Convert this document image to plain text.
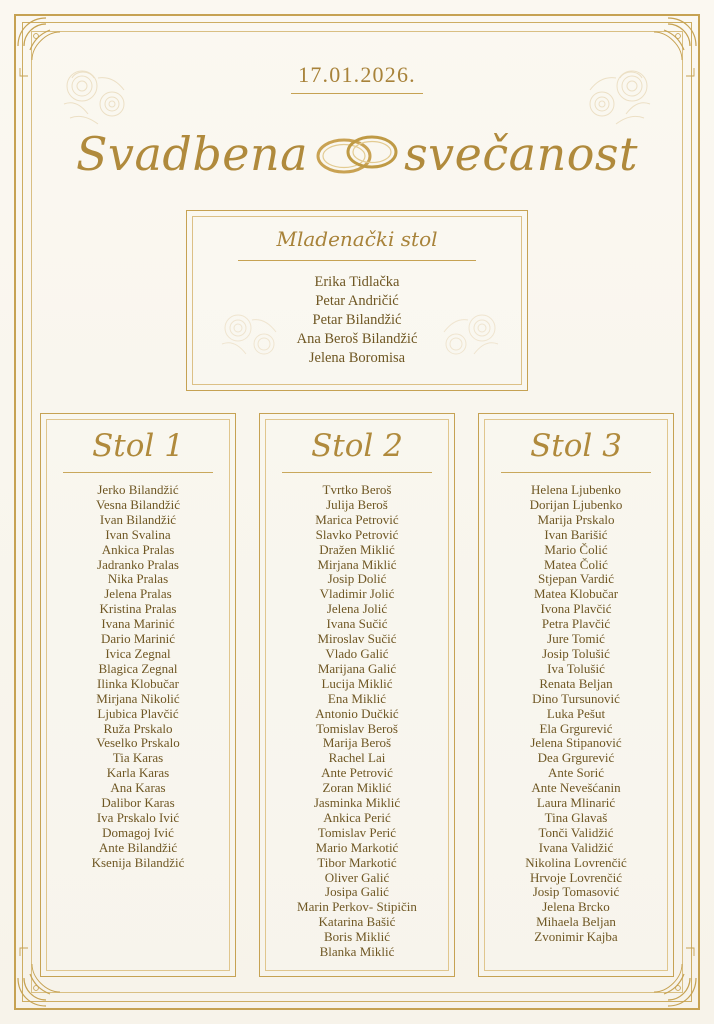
17.01.2026.
Svadbena svečanost
Mladenački stol
Erika Tidlačka
Petar Andričić
Petar Bilandžić
Ana Beroš Bilandžić
Jelena Boromisa
Stol 1
Jerko Bilandžić
Vesna Bilandžić
Ivan Bilandžić
Ivan Svalina
Ankica Pralas
Jadranko Pralas
Nika Pralas
Jelena Pralas
Kristina Pralas
Ivana Marinić
Dario Marinić
Ivica Zegnal
Blagica Zegnal
Ilinka Klobučar
Mirjana Nikolić
Ljubica Plavčić
Ruža Prskalo
Veselko Prskalo
Tia Karas
Karla Karas
Ana Karas
Dalibor Karas
Iva Prskalo Ivić
Domagoj Ivić
Ante Bilandžić
Ksenija Bilandžić
Stol 2
Tvrtko Beroš
Julija Beroš
Marica Petrović
Slavko Petrović
Dražen Miklić
Mirjana Miklić
Josip Dolić
Vladimir Jolić
Jelena Jolić
Ivana Sučić
Miroslav Sučić
Vlado Galić
Marijana Galić
Lucija Miklić
Ena Miklić
Antonio Dučkić
Tomislav Beroš
Marija Beroš
Rachel Lai
Ante Petrović
Zoran Miklić
Jasminka Miklić
Ankica Perić
Tomislav Perić
Mario Markotić
Tibor Markotić
Oliver Galić
Josipa Galić
Marin Perkov- Stipičin
Katarina Bašić
Boris Miklić
Blanka Miklić
Stol 3
Helena Ljubenko
Dorijan Ljubenko
Marija Prskalo
Ivan Barišić
Mario Čolić
Matea Čolić
Stjepan Vardić
Matea Klobučar
Ivona Plavčić
Petra Plavčić
Jure Tomić
Josip Tolušić
Iva Tolušić
Renata Beljan
Dino Tursunović
Luka Pešut
Ela Grgurević
Jelena Stipanović
Dea Grgurević
Ante Sorić
Ante Nevešćanin
Laura Mlinarić
Tina Glavaš
Tonči Validžić
Ivana Validžić
Nikolina Lovrenčić
Hrvoje Lovrenčić
Josip Tomasović
Jelena Brcko
Mihaela Beljan
Zvonimir Kajba
